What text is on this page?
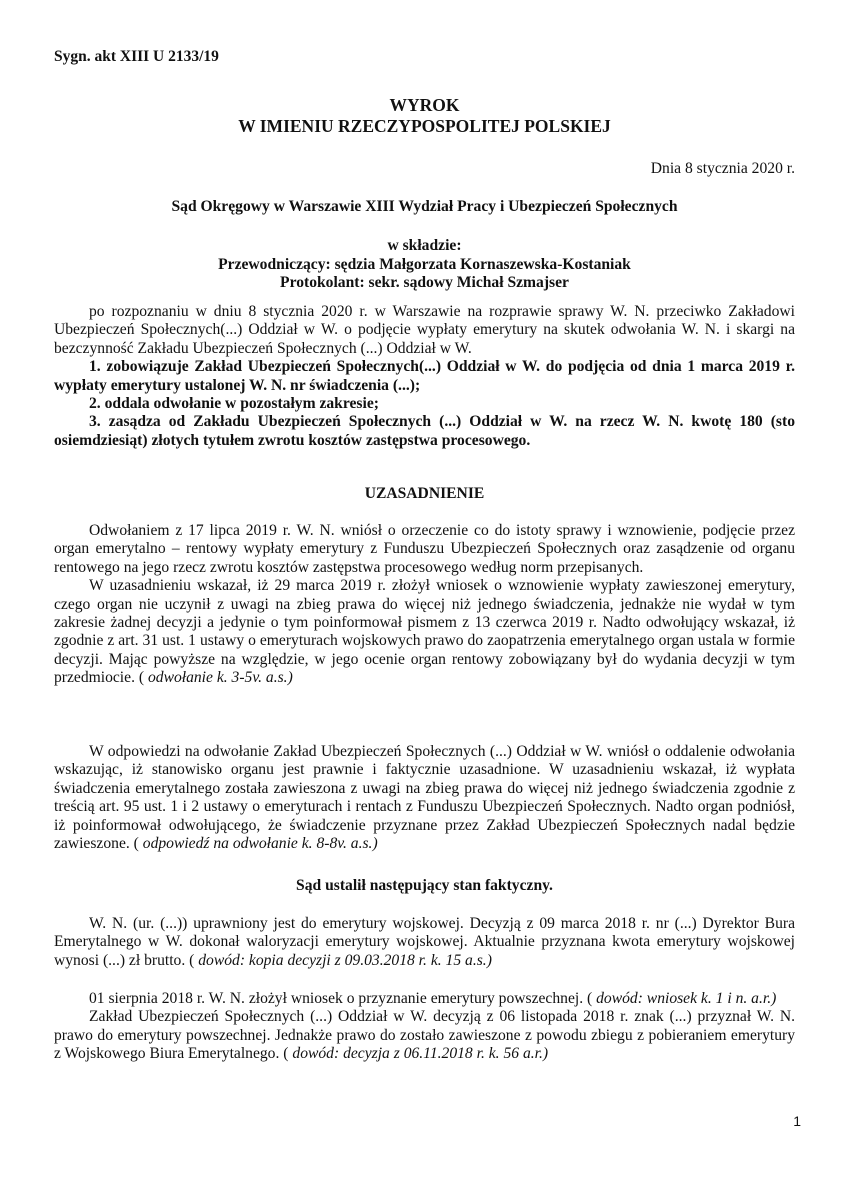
Sygn. akt XIII U 2133/19
WYROK
W IMIENIU RZECZYPOSPOLITEJ POLSKIEJ
Dnia 8 stycznia 2020 r.
Sąd Okręgowy w Warszawie XIII Wydział Pracy i Ubezpieczeń Społecznych
w składzie:
Przewodniczący: sędzia Małgorzata Kornaszewska-Kostaniak
Protokolant: sekr. sądowy Michał Szmajser

po rozpoznaniu w dniu 8 stycznia 2020 r. w Warszawie na rozprawie sprawy W. N. przeciwko Zakładowi Ubezpieczeń Społecznych(...) Oddział w W. o podjęcie wypłaty emerytury na skutek odwołania W. N. i skargi na bezczynność Zakładu Ubezpieczeń Społecznych (...) Oddział w W.

1. zobowiązuje Zakład Ubezpieczeń Społecznych(...) Oddział w W. do podjęcia od dnia 1 marca 2019 r. wypłaty emerytury ustalonej W. N. nr świadczenia (...);

2. oddala odwołanie w pozostałym zakresie;

3. zasądza od Zakładu Ubezpieczeń Społecznych (...) Oddział w W. na rzecz W. N. kwotę 180 (sto osiemdziesiąt) złotych tytułem zwrotu kosztów zastępstwa procesowego.

UZASADNIENIE

Odwołaniem z 17 lipca 2019 r. W. N. wniósł o orzeczenie co do istoty sprawy i wznowienie, podjęcie przez organ emerytalno – rentowy wypłaty emerytury z Funduszu Ubezpieczeń Społecznych oraz zasądzenie od organu rentowego na jego rzecz zwrotu kosztów zastępstwa procesowego według norm przepisanych.

W uzasadnieniu wskazał, iż 29 marca 2019 r. złożył wniosek o wznowienie wypłaty zawieszonej emerytury, czego organ nie uczynił z uwagi na zbieg prawa do więcej niż jednego świadczenia, jednakże nie wydał w tym zakresie żadnej decyzji a jedynie o tym poinformował pismem z 13 czerwca 2019 r. Nadto odwołujący wskazał, iż zgodnie z art. 31 ust. 1 ustawy o emeryturach wojskowych prawo do zaopatrzenia emerytalnego organ ustala w formie decyzji. Mając powyższe na względzie, w jego ocenie organ rentowy zobowiązany był do wydania decyzji w tym przedmiocie. ( odwołanie k. 3-5v. a.s.)

W odpowiedzi na odwołanie Zakład Ubezpieczeń Społecznych (...) Oddział w W. wniósł o oddalenie odwołania wskazując, iż stanowisko organu jest prawnie i faktycznie uzasadnione. W uzasadnieniu wskazał, iż wypłata świadczenia emerytalnego została zawieszona z uwagi na zbieg prawa do więcej niż jednego świadczenia zgodnie z treścią art. 95 ust. 1 i 2 ustawy o emeryturach i rentach z Funduszu Ubezpieczeń Społecznych. Nadto organ podniósł, iż poinformował odwołującego, że świadczenie przyznane przez Zakład Ubezpieczeń Społecznych nadal będzie zawieszone. ( odpowiedź na odwołanie k. 8-8v. a.s.)

Sąd ustalił następujący stan faktyczny.

W. N. (ur. (...)) uprawniony jest do emerytury wojskowej. Decyzją z 09 marca 2018 r. nr (...) Dyrektor Bura Emerytalnego w W. dokonał waloryzacji emerytury wojskowej. Aktualnie przyznana kwota emerytury wojskowej wynosi (...) zł brutto. ( dowód: kopia decyzji z 09.03.2018 r. k. 15 a.s.)

01 sierpnia 2018 r. W. N. złożył wniosek o przyznanie emerytury powszechnej. ( dowód: wniosek k. 1 i n. a.r.)

Zakład Ubezpieczeń Społecznych (...) Oddział w W. decyzją z 06 listopada 2018 r. znak (...) przyznał W. N. prawo do emerytury powszechnej. Jednakże prawo do zostało zawieszone z powodu zbiegu z pobieraniem emerytury z Wojskowego Biura Emerytalnego. ( dowód: decyzja z 06.11.2018 r. k. 56 a.r.)

1
